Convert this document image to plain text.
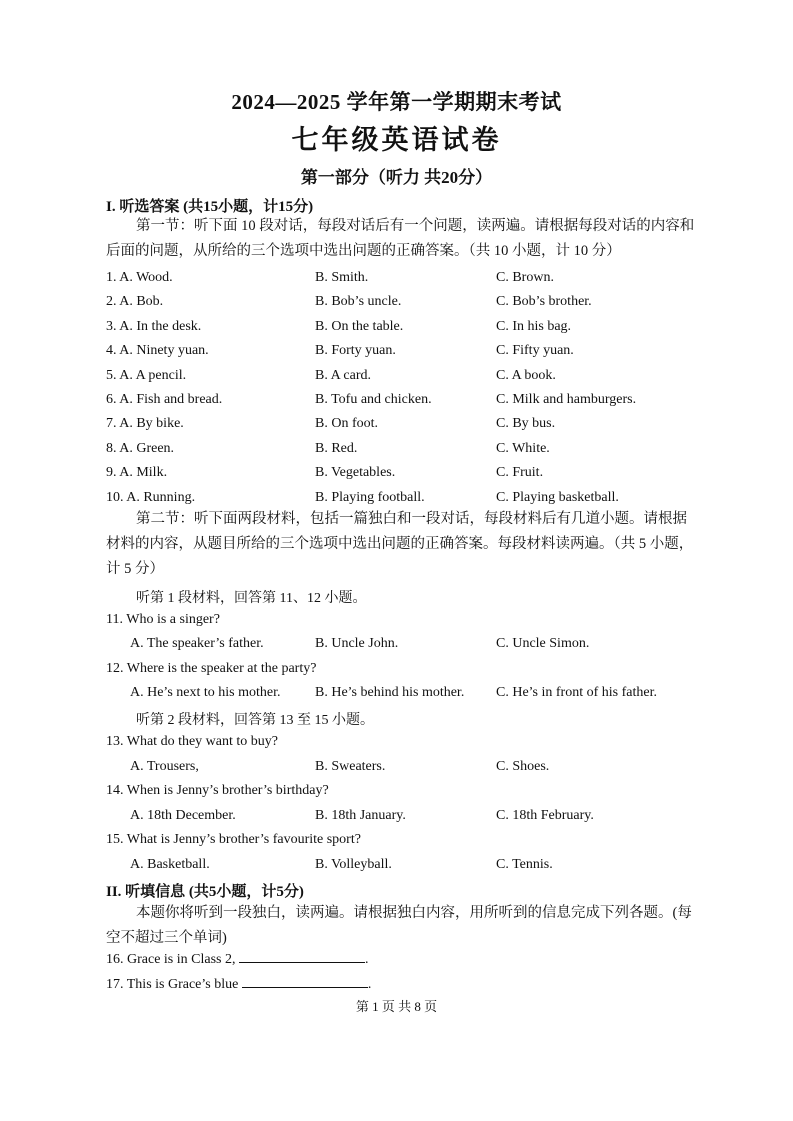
2024—2025 学年第一学期期末考试
七年级英语试卷
第一部分（听力 共20分）
I. 听选答案 (共15小题，计15分)
第一节：听下面 10 段对话，每段对话后有一个问题，读两遍。请根据每段对话的内容和后面的问题，从所给的三个选项中选出问题的正确答案。（共 10 小题，计 10 分）
1. A. Wood.	B. Smith.	C. Brown.
2. A. Bob.	B. Bob’s uncle.	C. Bob’s brother.
3. A. In the desk.	B. On the table.	C. In his bag.
4. A. Ninety yuan.	B. Forty yuan.	C. Fifty yuan.
5. A. A pencil.	B. A card.	C. A book.
6. A. Fish and bread.	B. Tofu and chicken.	C. Milk and hamburgers.
7. A. By bike.	B. On foot.	C. By bus.
8. A. Green.	B. Red.	C. White.
9. A. Milk.	B. Vegetables.	C. Fruit.
10. A. Running.	B. Playing football.	C. Playing basketball.
第二节：听下面两段材料，包括一篇独白和一段对话，每段材料后有几道小题。请根据材料的内容，从题目所给的三个选项中选出问题的正确答案。每段材料读两遍。（共 5 小题，计 5 分）
听第 1 段材料，回答第 11、12 小题。
11. Who is a singer?
A. The speaker’s father.	B. Uncle John.	C. Uncle Simon.
12. Where is the speaker at the party?
A. He’s next to his mother. B. He’s behind his mother. C. He’s in front of his father.
听第 2 段材料，回答第 13 至 15 小题。
13. What do they want to buy?
A. Trousers,	B. Sweaters.	C. Shoes.
14. When is Jenny’s brother’s birthday?
A. 18th December.	B. 18th January.	C. 18th February.
15. What is Jenny’s brother’s favourite sport?
A. Basketball.	B. Volleyball.	C. Tennis.
II. 听填信息 (共5小题，计5分)
本题你将听到一段独白，读两遍。请根据独白内容，用所听到的信息完成下列各题。(每空不超过三个单词)
16. Grace is in Class 2,	.
17. This is Grace’s blue	.
第 1 页 共 8 页
